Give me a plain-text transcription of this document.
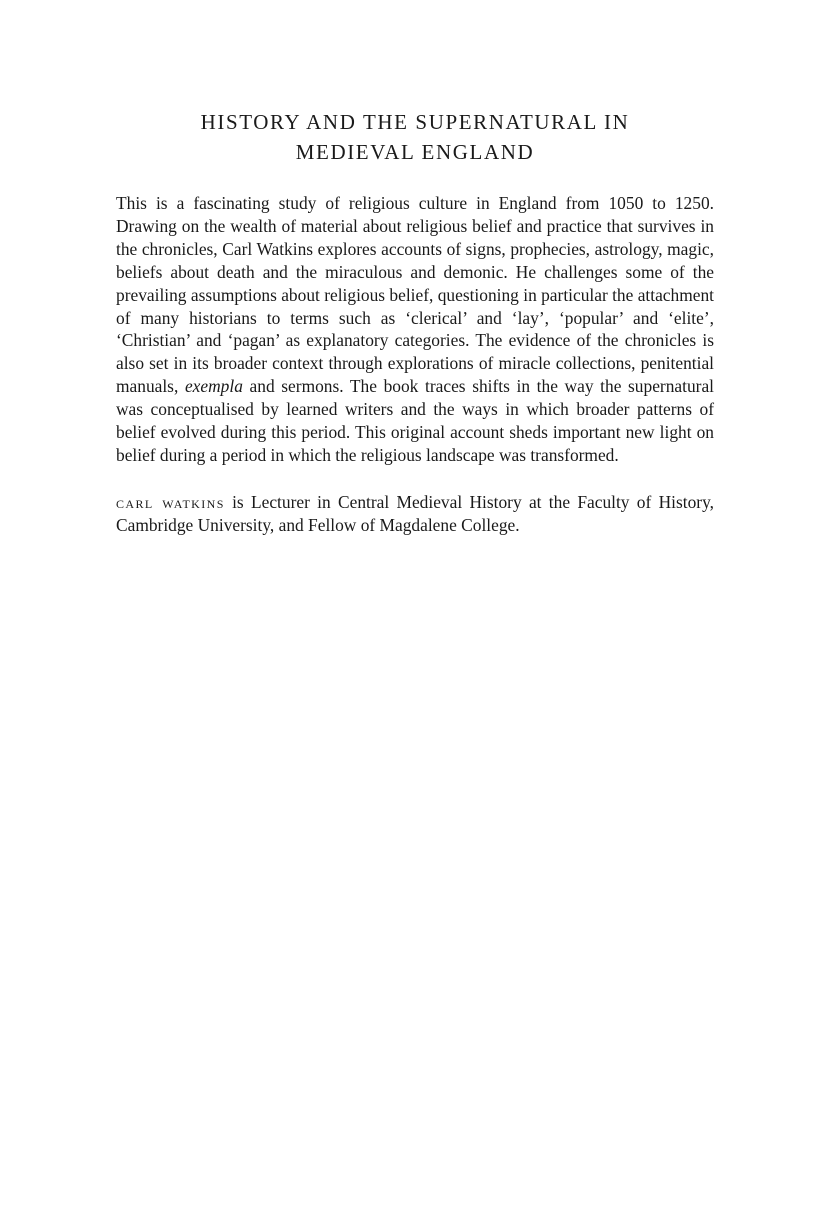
HISTORY AND THE SUPERNATURAL IN
MEDIEVAL ENGLAND

This is a fascinating study of religious culture in England from 1050 to 1250. Drawing on the wealth of material about religious belief and practice that survives in the chronicles, Carl Watkins explores accounts of signs, prophecies, astrology, magic, beliefs about death and the miraculous and demonic. He challenges some of the prevailing assumptions about religious belief, questioning in particular the attachment of many historians to terms such as ‘clerical’ and ‘lay’, ‘popular’ and ‘elite’, ‘Christian’ and ‘pagan’ as explanatory categories. The evidence of the chronicles is also set in its broader context through explorations of miracle collections, penitential manuals, exempla and sermons. The book traces shifts in the way the supernatural was conceptualised by learned writers and the ways in which broader patterns of belief evolved during this period. This original account sheds important new light on belief during a period in which the religious landscape was transformed.

carl watkins is Lecturer in Central Medieval History at the Faculty of History, Cambridge University, and Fellow of Magdalene College.
